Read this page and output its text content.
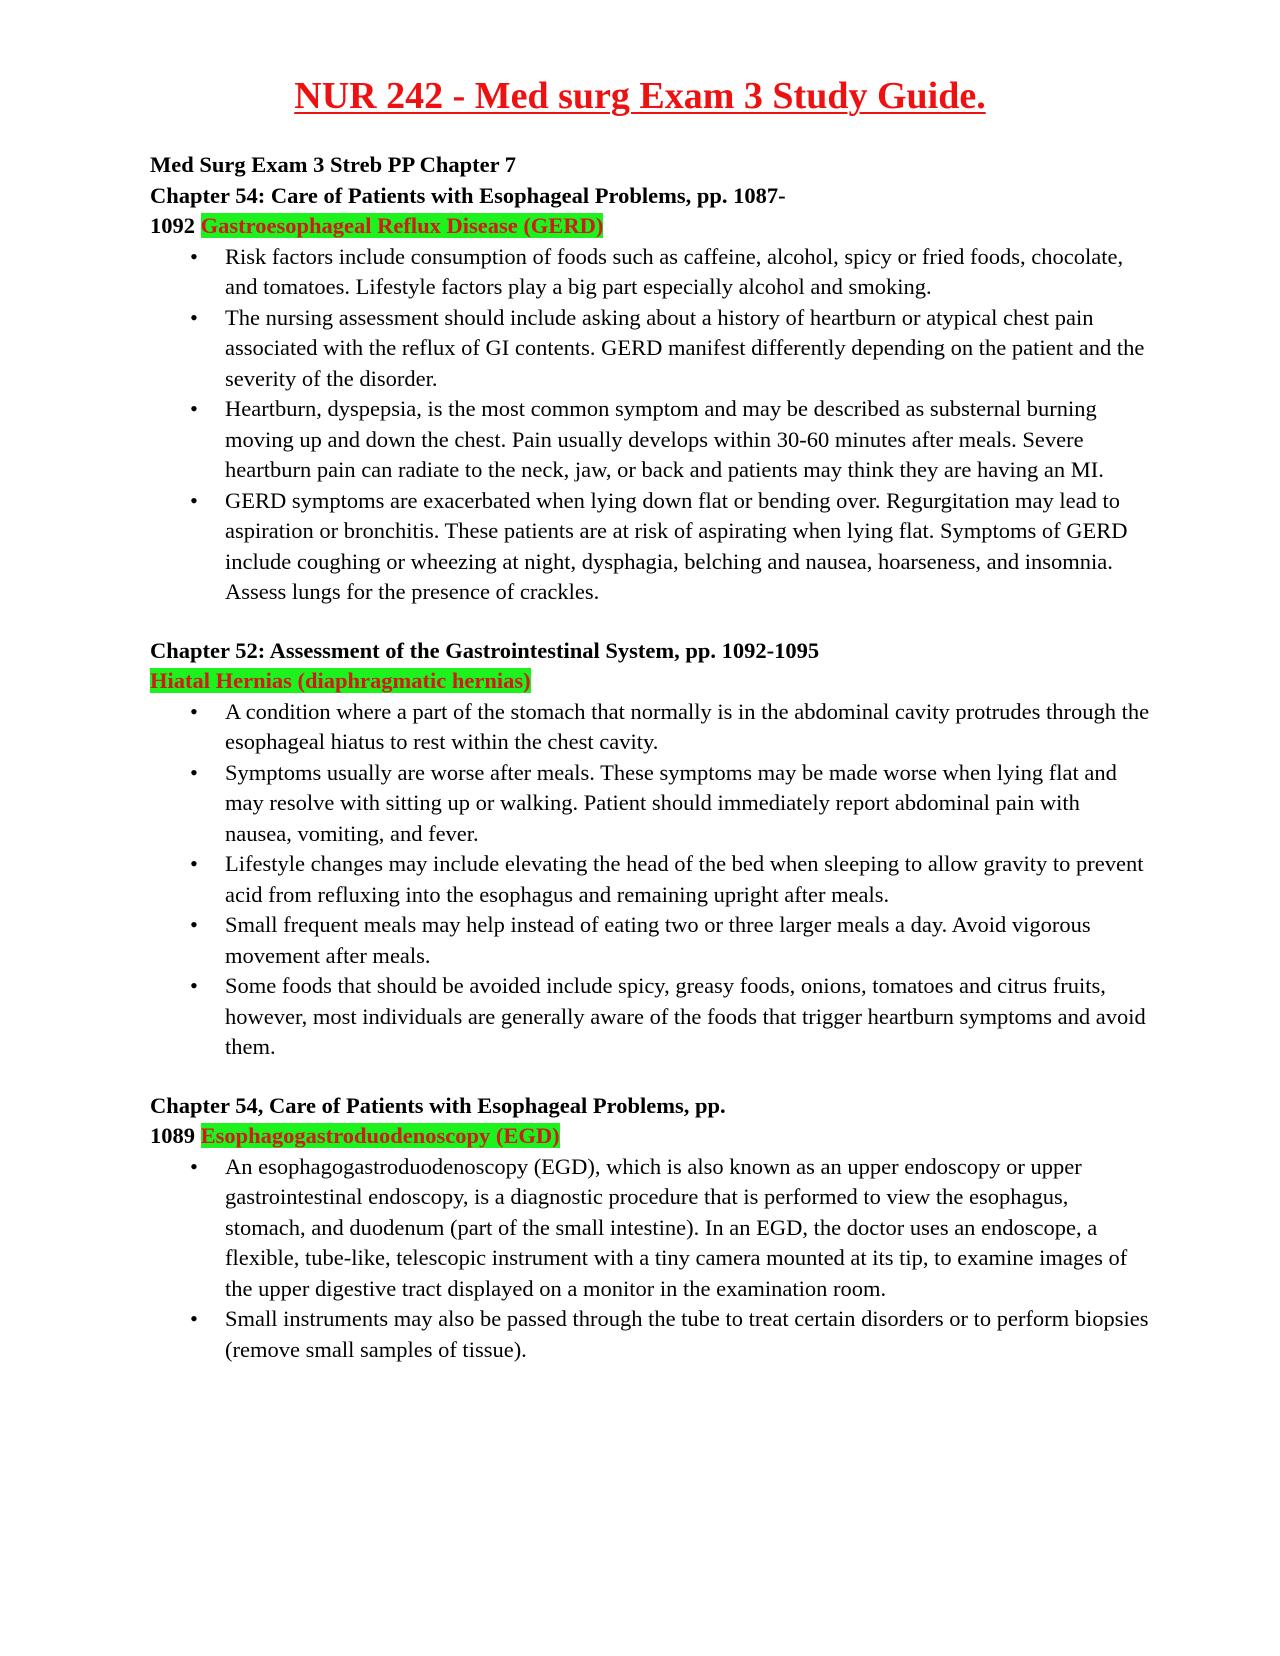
NUR 242 - Med surg Exam 3 Study Guide.

Med Surg Exam 3 Streb PP Chapter 7

Chapter 54: Care of Patients with Esophageal Problems, pp. 1087-
1092 Gastroesophageal Reflux Disease (GERD)

• Risk factors include consumption of foods such as caffeine, alcohol, spicy or fried foods, chocolate, and tomatoes. Lifestyle factors play a big part especially alcohol and smoking.
• The nursing assessment should include asking about a history of heartburn or atypical chest pain associated with the reflux of GI contents. GERD manifest differently depending on the patient and the severity of the disorder.
• Heartburn, dyspepsia, is the most common symptom and may be described as substernal burning moving up and down the chest. Pain usually develops within 30-60 minutes after meals. Severe heartburn pain can radiate to the neck, jaw, or back and patients may think they are having an MI.
• GERD symptoms are exacerbated when lying down flat or bending over. Regurgitation may lead to aspiration or bronchitis. These patients are at risk of aspirating when lying flat. Symptoms of GERD include coughing or wheezing at night, dysphagia, belching and nausea, hoarseness, and insomnia. Assess lungs for the presence of crackles.

Chapter 52: Assessment of the Gastrointestinal System, pp. 1092-1095
Hiatal Hernias (diaphragmatic hernias)

• A condition where a part of the stomach that normally is in the abdominal cavity protrudes through the esophageal hiatus to rest within the chest cavity.
• Symptoms usually are worse after meals. These symptoms may be made worse when lying flat and may resolve with sitting up or walking. Patient should immediately report abdominal pain with nausea, vomiting, and fever.
• Lifestyle changes may include elevating the head of the bed when sleeping to allow gravity to prevent acid from refluxing into the esophagus and remaining upright after meals.
• Small frequent meals may help instead of eating two or three larger meals a day. Avoid vigorous movement after meals.
• Some foods that should be avoided include spicy, greasy foods, onions, tomatoes and citrus fruits, however, most individuals are generally aware of the foods that trigger heartburn symptoms and avoid them.

Chapter 54, Care of Patients with Esophageal Problems, pp.
1089 Esophagogastroduodenoscopy (EGD)

• An esophagogastroduodenoscopy (EGD), which is also known as an upper endoscopy or upper gastrointestinal endoscopy, is a diagnostic procedure that is performed to view the esophagus, stomach, and duodenum (part of the small intestine). In an EGD, the doctor uses an endoscope, a flexible, tube-like, telescopic instrument with a tiny camera mounted at its tip, to examine images of the upper digestive tract displayed on a monitor in the examination room.
• Small instruments may also be passed through the tube to treat certain disorders or to perform biopsies (remove small samples of tissue).
